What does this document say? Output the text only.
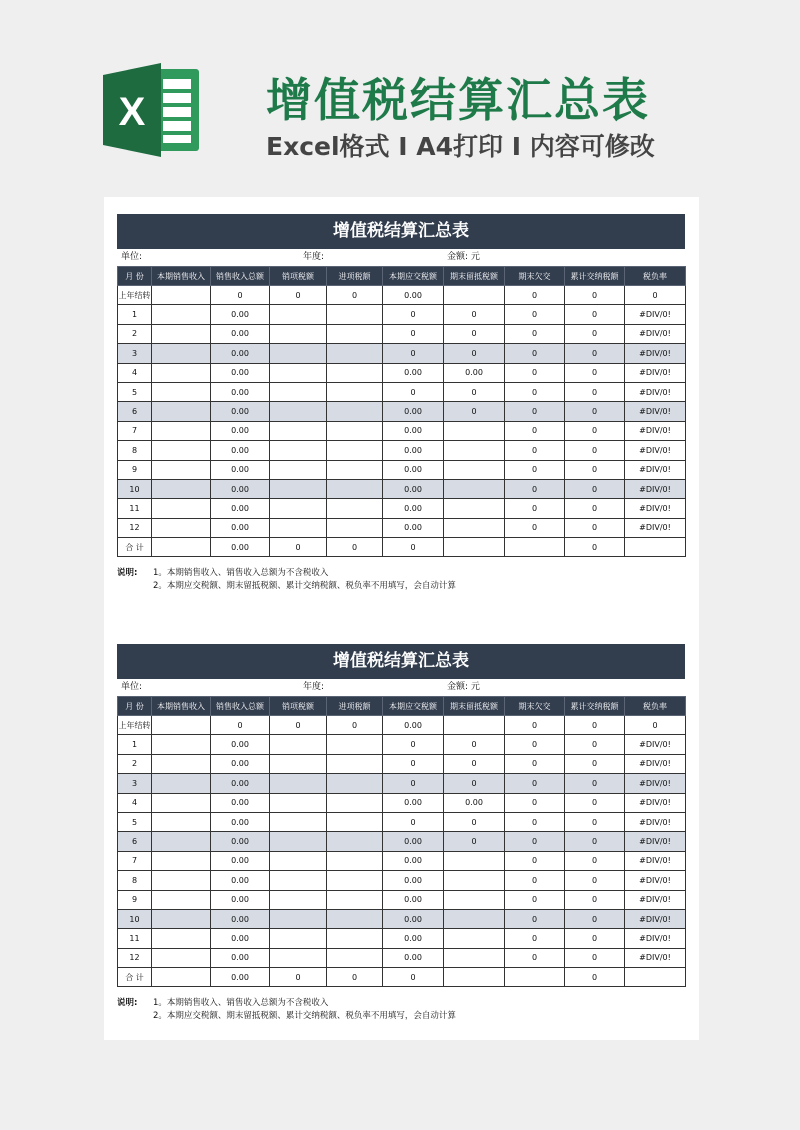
X	增值税结算汇总表
Excel格式 I A4打印 I 内容可修改
增值税结算汇总表
单位:	年度:	金额: 元
月 份	本期销售收入	销售收入总额	销项税额	进项税额	本期应交税额	期末留抵税额	期末欠交	累计交纳税额	税负率
上年结转		0	0	0	0.00		0	0	0
1		0.00			0	0	0	0	#DIV/0!
2		0.00			0	0	0	0	#DIV/0!
3		0.00			0	0	0	0	#DIV/0!
4		0.00			0.00	0.00	0	0	#DIV/0!
5		0.00			0	0	0	0	#DIV/0!
6		0.00			0.00	0	0	0	#DIV/0!
7		0.00			0.00		0	0	#DIV/0!
8		0.00			0.00		0	0	#DIV/0!
9		0.00			0.00		0	0	#DIV/0!
10		0.00			0.00		0	0	#DIV/0!
11		0.00			0.00		0	0	#DIV/0!
12		0.00			0.00		0	0	#DIV/0!
合 计		0.00	0	0	0			0	
说明: 1。本期销售收入、销售收入总额为不含税收入
2。本期应交税额、期末留抵税额、累计交纳税额、税负率不用填写，会自动计算
增值税结算汇总表
单位:	年度:	金额: 元
月 份	本期销售收入	销售收入总额	销项税额	进项税额	本期应交税额	期末留抵税额	期末欠交	累计交纳税额	税负率
上年结转		0	0	0	0.00		0	0	0
1		0.00			0	0	0	0	#DIV/0!
2		0.00			0	0	0	0	#DIV/0!
3		0.00			0	0	0	0	#DIV/0!
4		0.00			0.00	0.00	0	0	#DIV/0!
5		0.00			0	0	0	0	#DIV/0!
6		0.00			0.00	0	0	0	#DIV/0!
7		0.00			0.00		0	0	#DIV/0!
8		0.00			0.00		0	0	#DIV/0!
9		0.00			0.00		0	0	#DIV/0!
10		0.00			0.00		0	0	#DIV/0!
11		0.00			0.00		0	0	#DIV/0!
12		0.00			0.00		0	0	#DIV/0!
合 计		0.00	0	0	0			0	
说明: 1。本期销售收入、销售收入总额为不含税收入
2。本期应交税额、期末留抵税额、累计交纳税额、税负率不用填写，会自动计算
